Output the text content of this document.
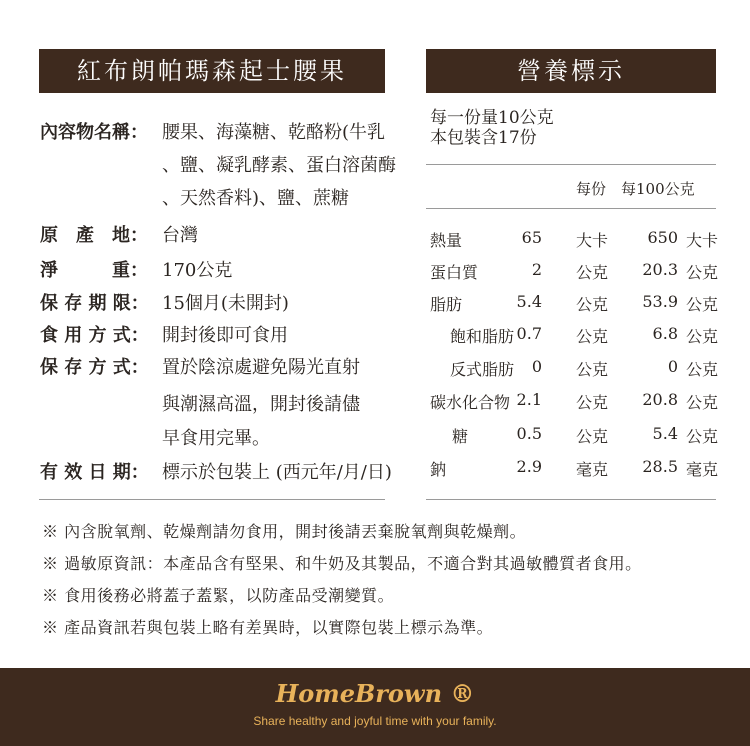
紅布朗帕瑪森起士腰果	營養標示
內容物名稱： 腰果、海藻糖、乾酪粉(牛乳
、鹽、凝乳酵素、蛋白溶菌酶
、天然香料)、鹽、蔗糖
原　產　地： 台灣
淨　　　重： 170公克
保 存 期 限： 15個月(未開封)
食 用 方 式： 開封後即可食用
保 存 方 式： 置於陰涼處避免陽光直射
與潮濕高溫，開封後請儘
早食用完畢。
有 效 日 期： 標示於包裝上 (西元年/月/日)
每一份量10公克
本包裝含17份
每份 每100公克
熱量	65 大卡	650 大卡
蛋白質	2 公克	20.3 公克
脂肪	5.4 公克	53.9 公克
飽和脂肪 0.7 公克	6.8 公克
反式脂肪	0 公克	0 公克
碳水化合物 2.1 公克	20.8 公克
糖	0.5 公克	5.4 公克
鈉	2.9 毫克	28.5 毫克
※ 內含脫氧劑、乾燥劑請勿食用，開封後請丟棄脫氧劑與乾燥劑。
※ 過敏原資訊：本產品含有堅果、和牛奶及其製品，不適合對其過敏體質者食用。
※ 食用後務必將蓋子蓋緊，以防產品受潮變質。
※ 產品資訊若與包裝上略有差異時，以實際包裝上標示為準。
HomeBrown ®
Share healthy and joyful time with your family.
